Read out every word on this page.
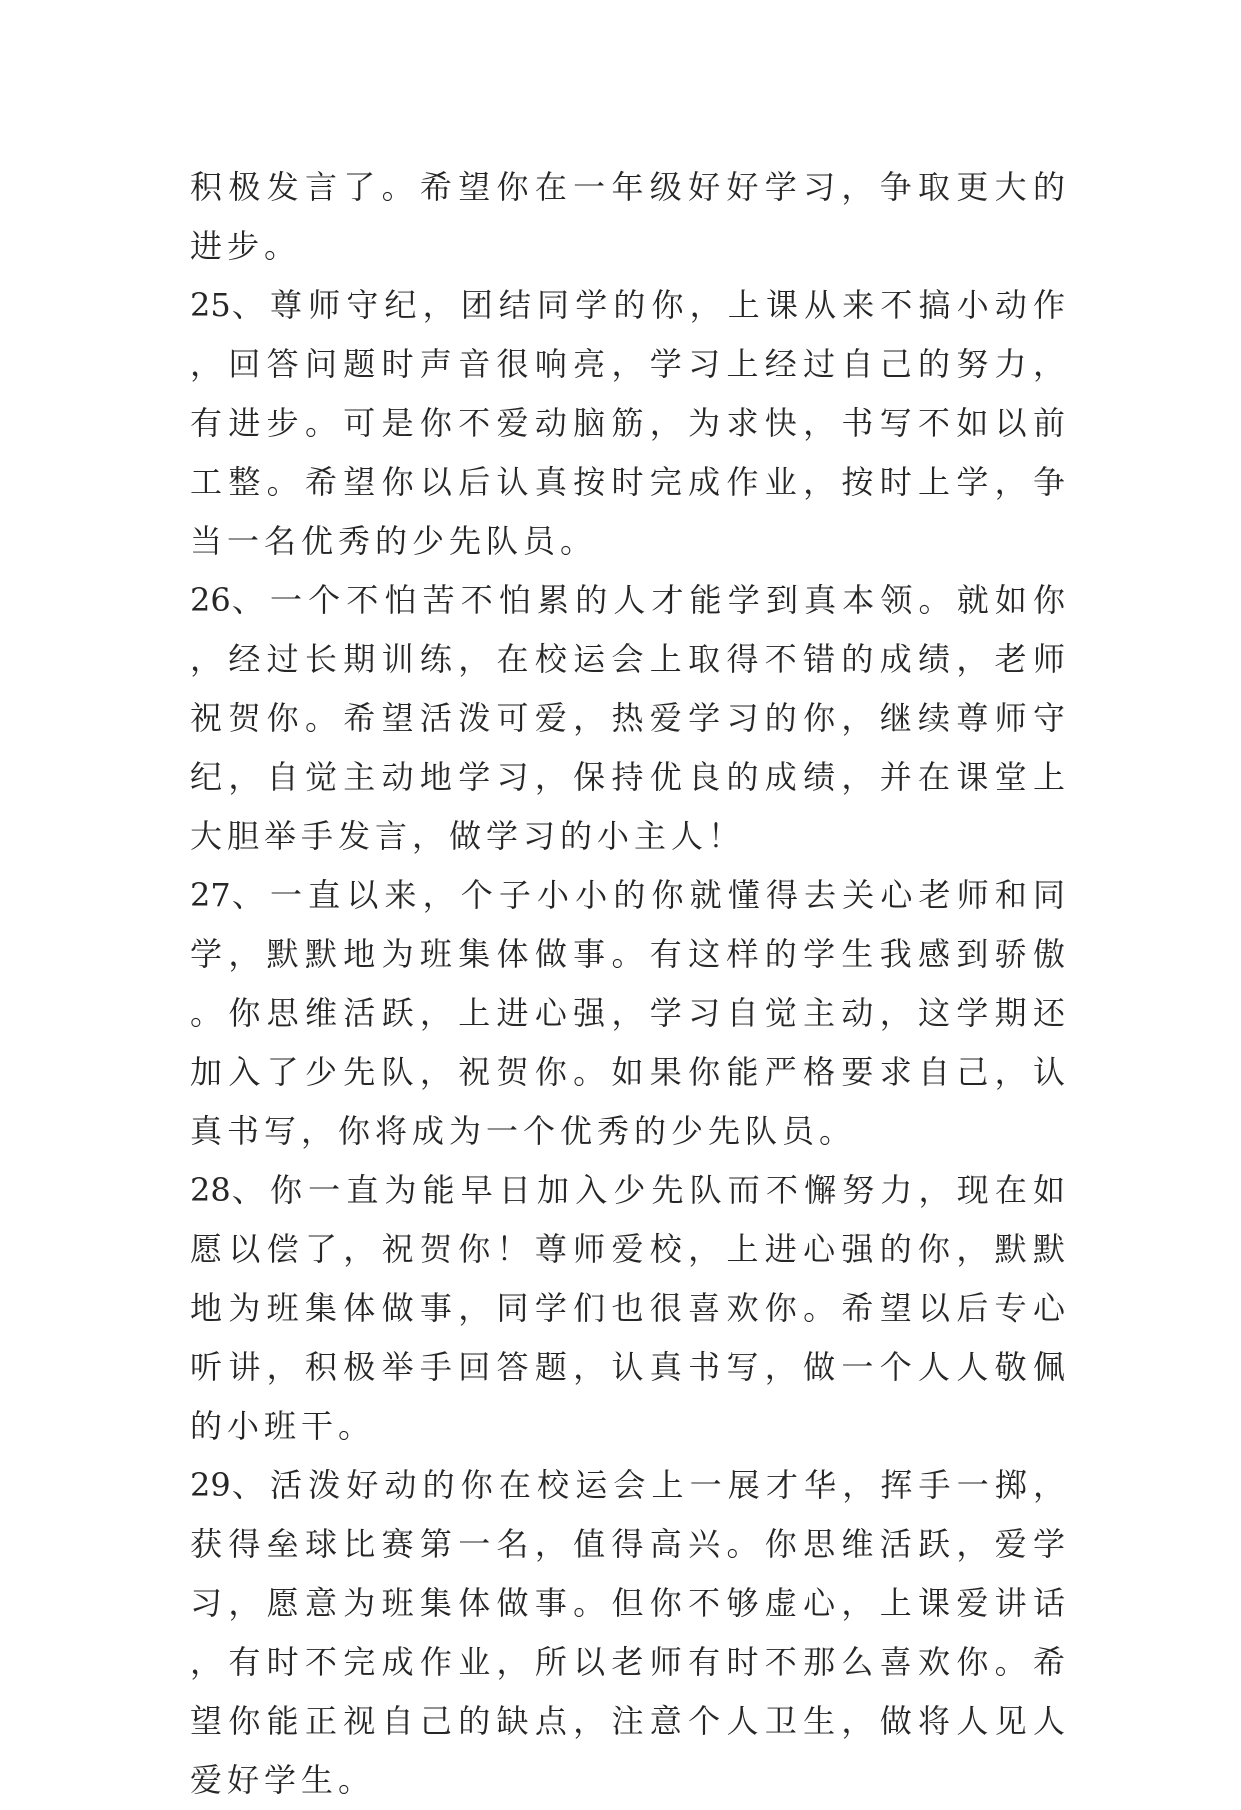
积极发言了。希望你在一年级好好学习，争取更大的进步。

25、尊师守纪，团结同学的你，上课从来不搞小动作，回答问题时声音很响亮，学习上经过自己的努力，有进步。可是你不爱动脑筋，为求快，书写不如以前工整。希望你以后认真按时完成作业，按时上学，争当一名优秀的少先队员。

26、一个不怕苦不怕累的人才能学到真本领。就如你，经过长期训练，在校运会上取得不错的成绩，老师祝贺你。希望活泼可爱，热爱学习的你，继续尊师守纪，自觉主动地学习，保持优良的成绩，并在课堂上大胆举手发言，做学习的小主人！

27、一直以来，个子小小的你就懂得去关心老师和同学，默默地为班集体做事。有这样的学生我感到骄傲。你思维活跃，上进心强，学习自觉主动，这学期还加入了少先队，祝贺你。如果你能严格要求自己，认真书写，你将成为一个优秀的少先队员。

28、你一直为能早日加入少先队而不懈努力，现在如愿以偿了，祝贺你！尊师爱校，上进心强的你，默默地为班集体做事，同学们也很喜欢你。希望以后专心听讲，积极举手回答题，认真书写，做一个人人敬佩的小班干。

29、活泼好动的你在校运会上一展才华，挥手一掷，获得垒球比赛第一名，值得高兴。你思维活跃，爱学习，愿意为班集体做事。但你不够虚心，上课爱讲话，有时不完成作业，所以老师有时不那么喜欢你。希望你能正视自己的缺点，注意个人卫生，做将人见人爱好学生。
